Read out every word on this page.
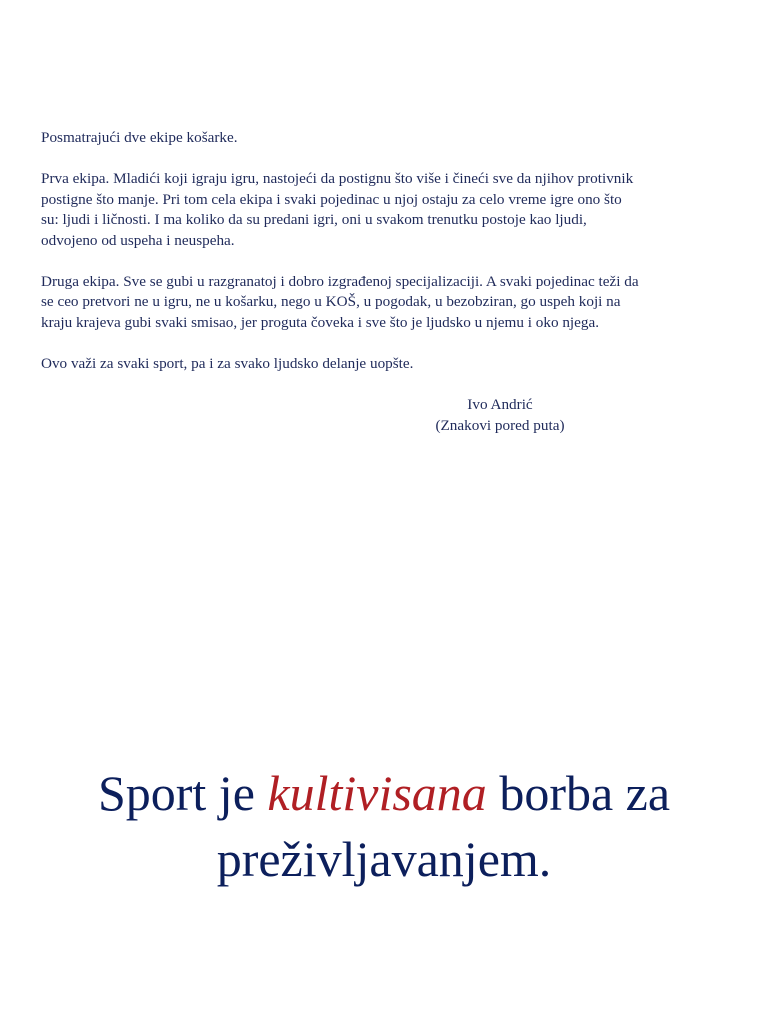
Posmatrajući dve ekipe košarke.

Prva ekipa. Mladići koji igraju igru, nastojeći da postignu što više i čineći sve da njihov protivnik
postigne što manje. Pri tom cela ekipa i svaki pojedinac u njoj ostaju za celo vreme igre ono što
su: ljudi i ličnosti. I ma koliko da su predani igri, oni u svakom trenutku postoje kao ljudi,
odvojeno od uspeha i neuspeha.

Druga ekipa. Sve se gubi u razgranatoj i dobro izgrađenoj specijalizaciji. A svaki pojedinac teži da
se ceo pretvori ne u igru, ne u košarku, nego u KOŠ, u pogodak, u bezobziran, go uspeh koji na
kraju krajeva gubi svaki smisao, jer proguta čoveka i sve što je ljudsko u njemu i oko njega.

Ovo važi za svaki sport, pa i za svako ljudsko delanje uopšte.

Ivo Andrić
(Znakovi pored puta)
Sport je kultivisana borba za
preživljavanjem.
